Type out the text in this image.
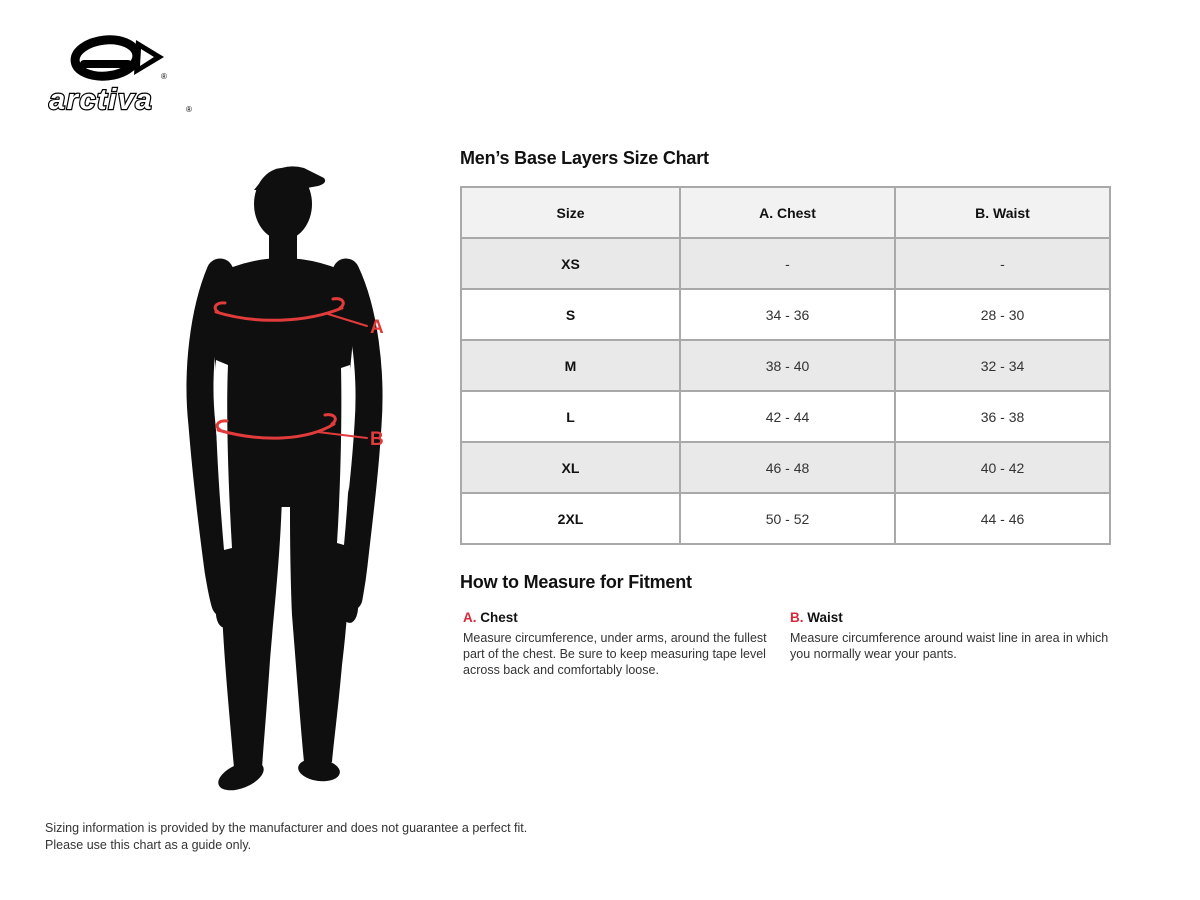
®
arctiva	®
A
B
Men’s Base Layers Size Chart
Size	A. Chest	B. Waist
XS	-	-
S	34 - 36	28 - 30
M	38 - 40	32 - 34
L	42 - 44	36 - 38
XL	46 - 48	40 - 42
2XL	50 - 52	44 - 46
How to Measure for Fitment
A. Chest
Measure circumference, under arms, around the fullest part of the chest. Be sure to keep measuring tape level across back and comfortably loose.
B. Waist
Measure circumference around waist line in area in which you normally wear your pants.
Sizing information is provided by the manufacturer and does not guarantee a perfect fit.
Please use this chart as a guide only.
